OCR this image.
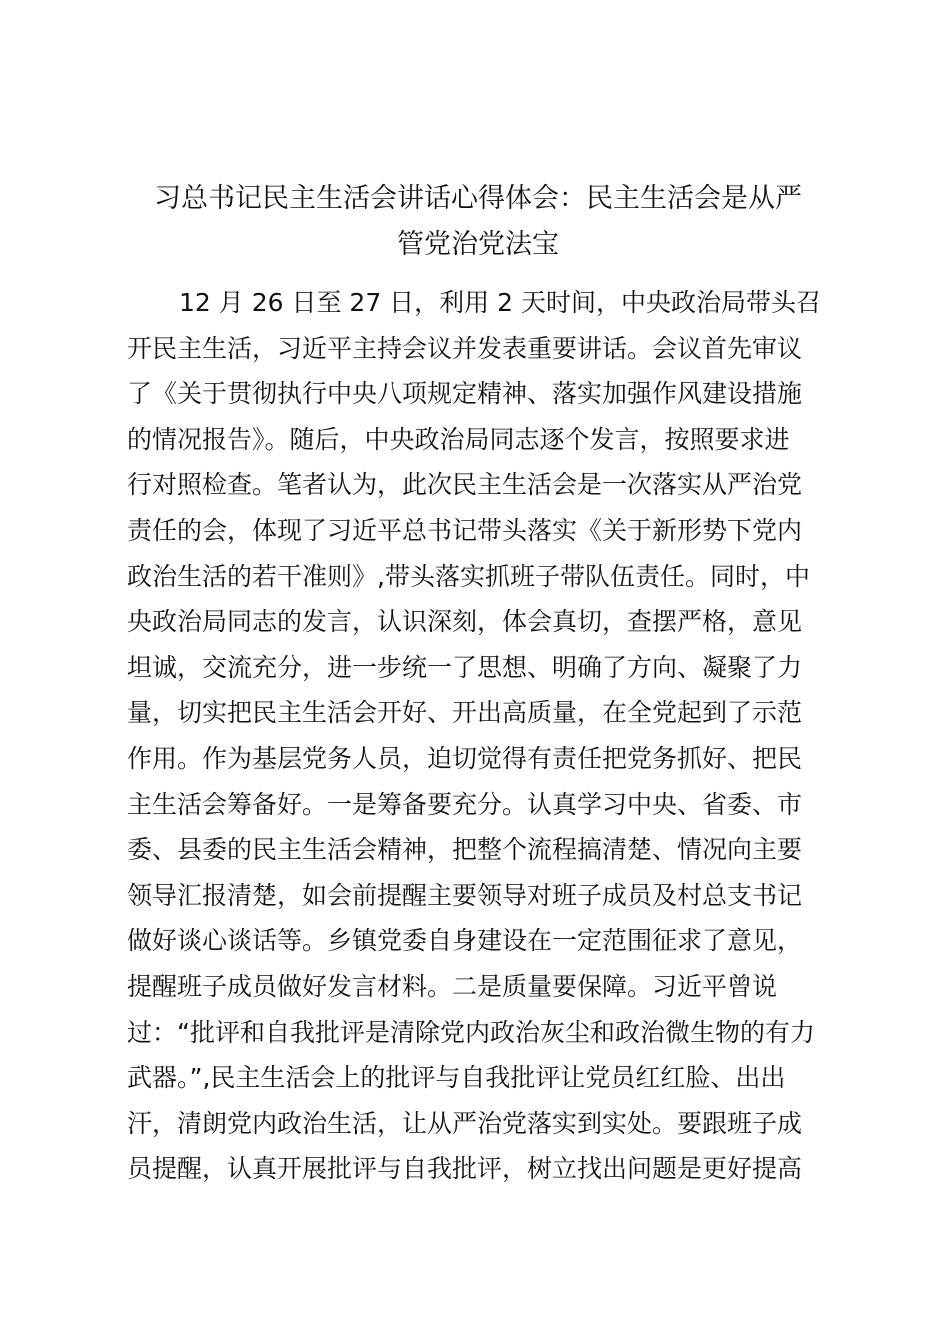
习总书记民主生活会讲话心得体会：民主生活会是从严
管党治党法宝
12 月 26 日至 27 日，利用 2 天时间，中央政治局带头召
开民主生活，习近平主持会议并发表重要讲话。会议首先审议
了《关于贯彻执行中央八项规定精神、落实加强作风建设措施
的情况报告》。随后，中央政治局同志逐个发言，按照要求进
行对照检查。笔者认为，此次民主生活会是一次落实从严治党
责任的会，体现了习近平总书记带头落实《关于新形势下党内
政治生活的若干准则》,带头落实抓班子带队伍责任。同时，中
央政治局同志的发言，认识深刻，体会真切，查摆严格，意见
坦诚，交流充分，进一步统一了思想、明确了方向、凝聚了力
量，切实把民主生活会开好、开出高质量，在全党起到了示范
作用。作为基层党务人员，迫切觉得有责任把党务抓好、把民
主生活会筹备好。一是筹备要充分。认真学习中央、省委、市
委、县委的民主生活会精神，把整个流程搞清楚、情况向主要
领导汇报清楚，如会前提醒主要领导对班子成员及村总支书记
做好谈心谈话等。乡镇党委自身建设在一定范围征求了意见，
提醒班子成员做好发言材料。二是质量要保障。习近平曾说
过：“批评和自我批评是清除党内政治灰尘和政治微生物的有力
武器。”,民主生活会上的批评与自我批评让党员红红脸、出出
汗，清朗党内政治生活，让从严治党落实到实处。要跟班子成
员提醒，认真开展批评与自我批评，树立找出问题是更好提高
